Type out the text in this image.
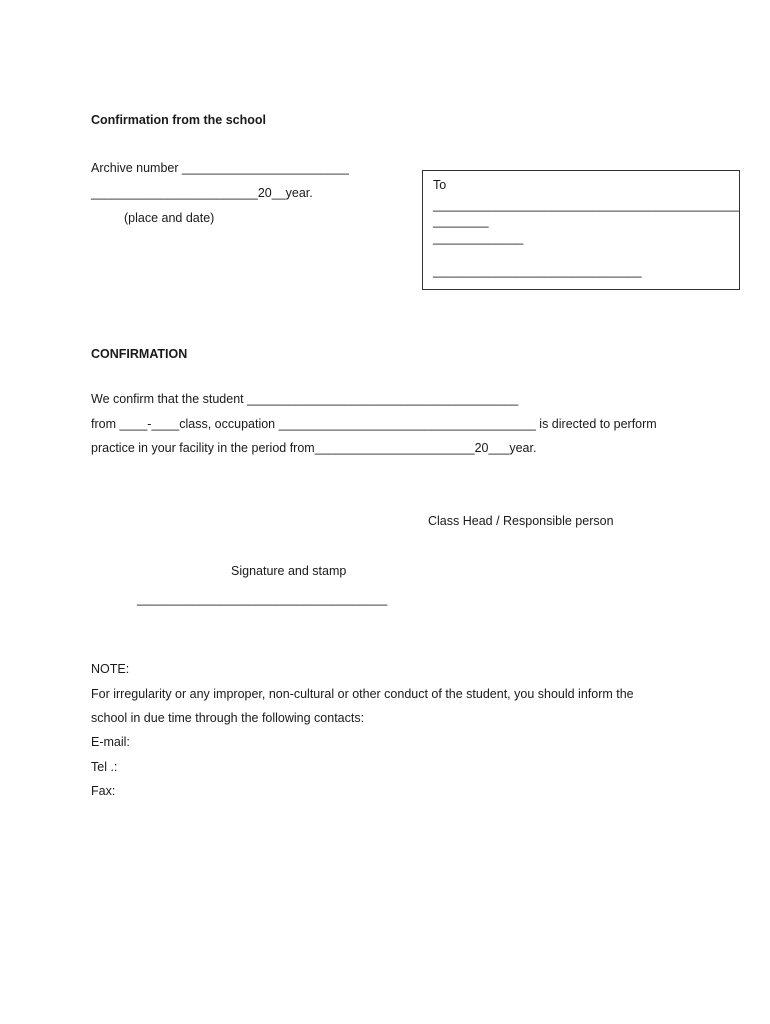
Confirmation from the school
Archive number ________________________
________________________20__year.
(place and date)
To
____________________________________________
________
_____________
______________________________
CONFIRMATION
We confirm that the student _______________________________________
from ____-____class, occupation _____________________________________ is directed to perform
practice in your facility in the period from_______________________20___year.
Class Head / Responsible person
Signature and stamp
____________________________________
NOTE:
For irregularity or any improper, non-cultural or other conduct of the student, you should inform the
school in due time through the following contacts:
E-mail:
Tel .:
Fax:
